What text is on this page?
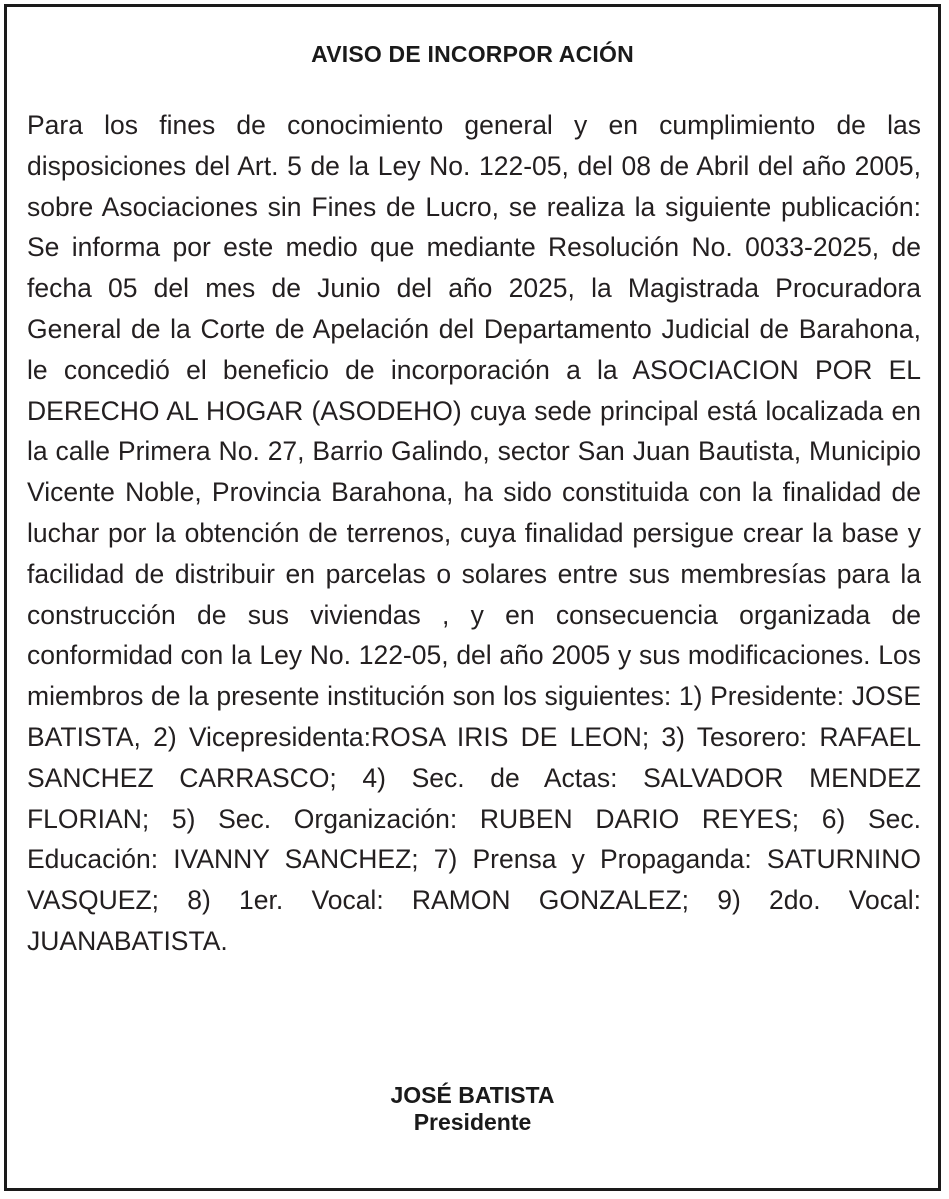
AVISO DE INCORPOR ACIÓN

Para los fines de conocimiento general y en cumplimiento de las disposiciones del Art. 5 de la Ley No. 122-05, del 08 de Abril del año 2005, sobre Asociaciones sin Fines de Lucro, se realiza la siguiente publicación: Se informa por este medio que mediante Resolución No. 0033-2025, de fecha 05 del mes de Junio del año 2025, la Magistrada Procuradora General de la Corte de Apelación del Departamento Judicial de Barahona, le concedió el beneficio de incorporación a la ASOCIACION POR EL DERECHO AL HOGAR (ASODEHO) cuya sede principal está localizada en la calle Primera No. 27, Barrio Galindo, sector San Juan Bautista, Municipio Vicente Noble, Provincia Barahona, ha sido constituida con la finalidad de luchar por la obtención de terrenos, cuya finalidad persigue crear la base y facilidad de distribuir en parcelas o solares entre sus membresías para la construcción de sus viviendas , y en consecuencia organizada de conformidad con la Ley No. 122-05, del año 2005 y sus modificaciones. Los miembros de la presente institución son los siguientes: 1) Presidente: JOSE BATISTA, 2) Vicepresidenta:ROSA IRIS DE LEON; 3) Tesorero: RAFAEL SANCHEZ CARRASCO; 4) Sec. de Actas: SALVADOR MENDEZ FLORIAN; 5) Sec. Organización: RUBEN DARIO REYES; 6) Sec. Educación: IVANNY SANCHEZ; 7) Prensa y Propaganda: SATURNINO VASQUEZ; 8) 1er. Vocal: RAMON GONZALEZ; 9) 2do. Vocal: JUANABATISTA.

JOSÉ BATISTA
Presidente
